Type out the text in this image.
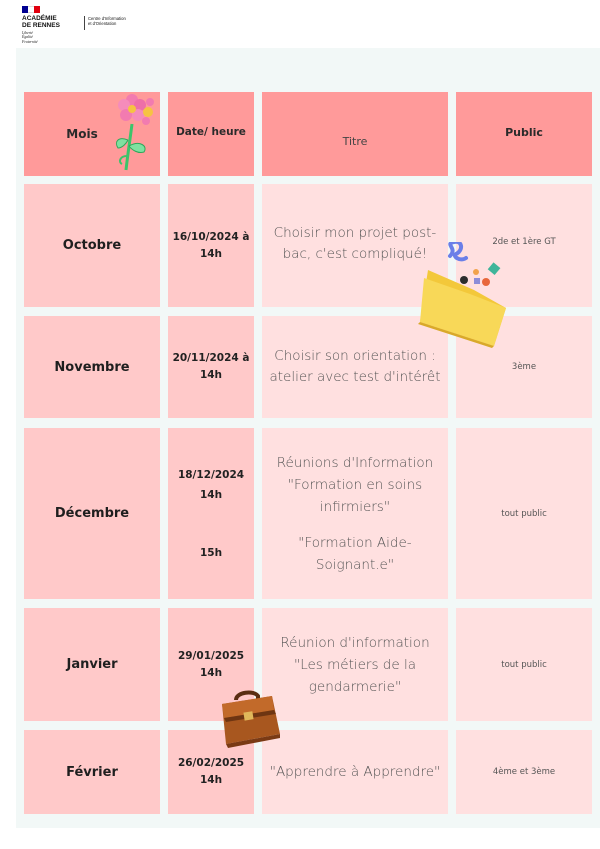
ACADÉMIE
DE RENNES
Liberté
Égalité
Fraternité
Centre d'Information
et d'Orientation
Mois	Date/ heure
Titre
Public
Octobre
16/10/2024 à
14h
Choisir mon projet post-
bac, c'est compliqué!
2de et 1ère GT
Novembre
20/11/2024 à
14h
Choisir son orientation :
atelier avec test d'intérêt
3ème
Décembre
18/12/2024
14h
15h
Réunions d'Information
"Formation en soins
infirmiers"
"Formation Aide-
Soignant.e"
tout public
Janvier
29/01/2025
14h
Réunion d'information
"Les métiers de la
gendarmerie"
tout public
Février
26/02/2025
14h
"Apprendre à Apprendre"	4ème et 3ème
